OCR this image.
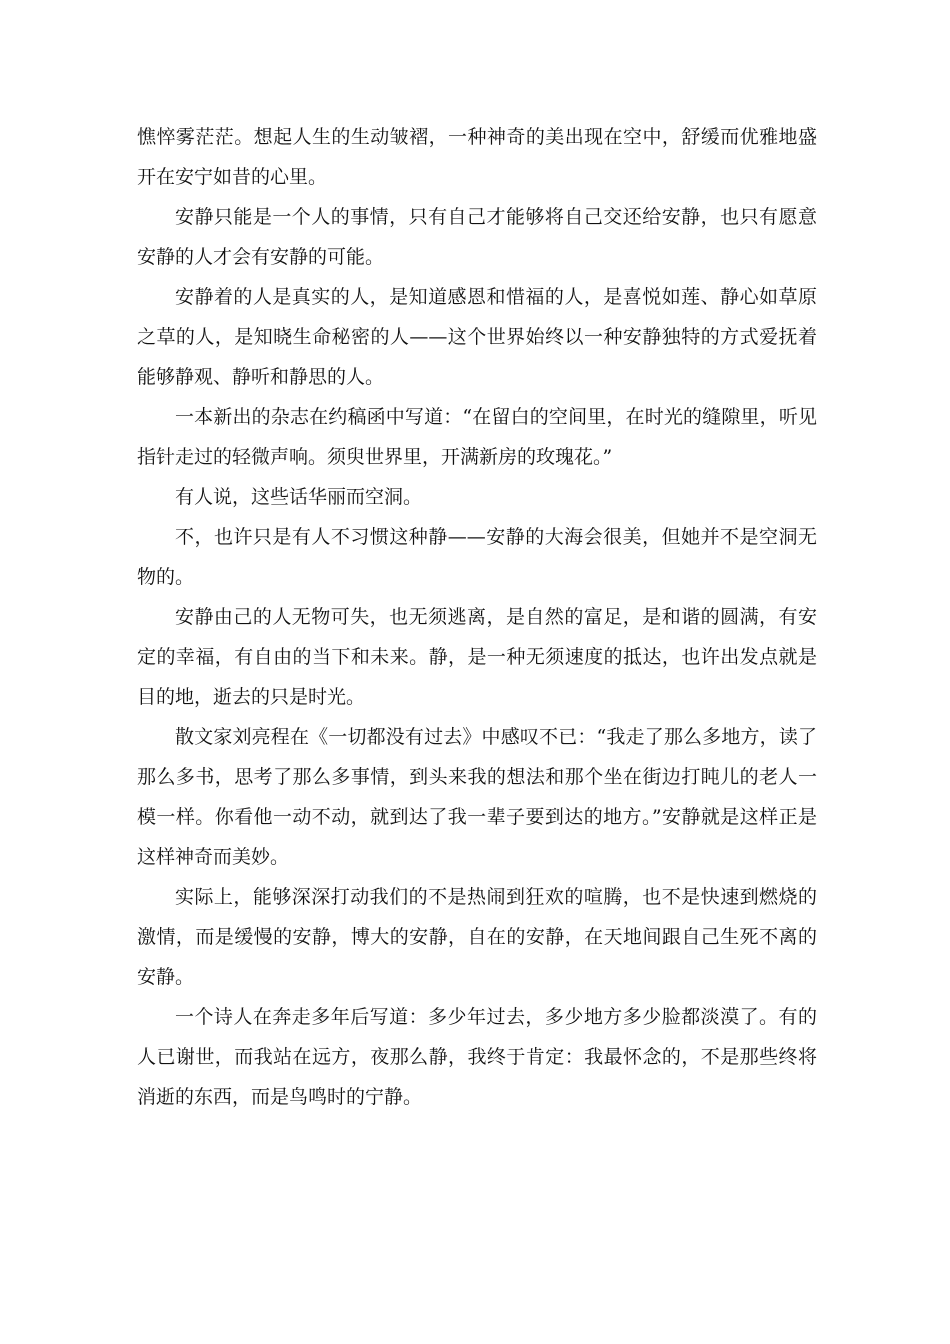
憔悴雾茫茫。想起人生的生动皱褶，一种神奇的美出现在空中，舒缓而优雅地盛开在安宁如昔的心里。

安静只能是一个人的事情，只有自己才能够将自己交还给安静，也只有愿意安静的人才会有安静的可能。

安静着的人是真实的人，是知道感恩和惜福的人，是喜悦如莲、静心如草原之草的人，是知晓生命秘密的人——这个世界始终以一种安静独特的方式爱抚着能够静观、静听和静思的人。

一本新出的杂志在约稿函中写道：“在留白的空间里，在时光的缝隙里，听见指针走过的轻微声响。须臾世界里，开满新房的玫瑰花。”

有人说，这些话华丽而空洞。

不，也许只是有人不习惯这种静——安静的大海会很美，但她并不是空洞无物的。

安静由己的人无物可失，也无须逃离，是自然的富足，是和谐的圆满，有安定的幸福，有自由的当下和未来。静，是一种无须速度的抵达，也许出发点就是目的地，逝去的只是时光。

散文家刘亮程在《一切都没有过去》中感叹不已：“我走了那么多地方，读了那么多书，思考了那么多事情，到头来我的想法和那个坐在街边打盹儿的老人一模一样。你看他一动不动，就到达了我一辈子要到达的地方。”安静就是这样正是这样神奇而美妙。

实际上，能够深深打动我们的不是热闹到狂欢的喧腾，也不是快速到燃烧的激情，而是缓慢的安静，博大的安静，自在的安静，在天地间跟自己生死不离的安静。

一个诗人在奔走多年后写道：多少年过去，多少地方多少脸都淡漠了。有的人已谢世，而我站在远方，夜那么静，我终于肯定：我最怀念的，不是那些终将消逝的东西，而是鸟鸣时的宁静。
